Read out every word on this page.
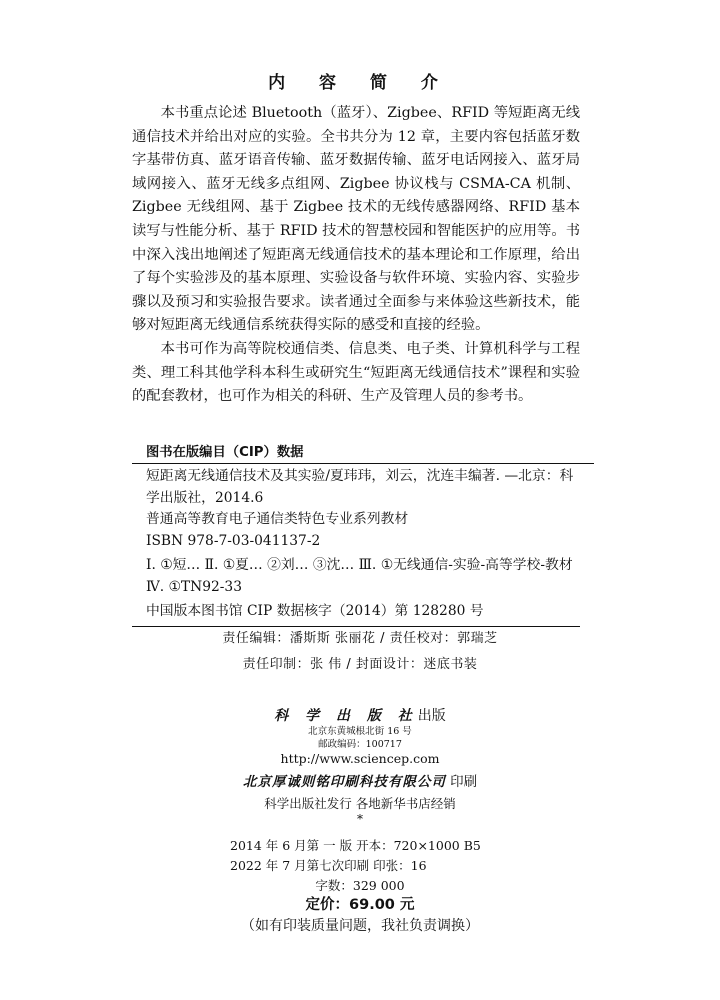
内 容 简 介

本书重点论述 Bluetooth（蓝牙）、Zigbee、RFID 等短距离无线通信技术并给出对应的实验。全书共分为 12 章，主要内容包括蓝牙数字基带仿真、蓝牙语音传输、蓝牙数据传输、蓝牙电话网接入、蓝牙局域网接入、蓝牙无线多点组网、Zigbee 协议栈与 CSMA-CA 机制、Zigbee 无线组网、基于 Zigbee 技术的无线传感器网络、RFID 基本读写与性能分析、基于 RFID 技术的智慧校园和智能医护的应用等。书中深入浅出地阐述了短距离无线通信技术的基本理论和工作原理，给出了每个实验涉及的基本原理、实验设备与软件环境、实验内容、实验步骤以及预习和实验报告要求。读者通过全面参与来体验这些新技术，能够对短距离无线通信系统获得实际的感受和直接的经验。

本书可作为高等院校通信类、信息类、电子类、计算机科学与工程类、理工科其他学科本科生或研究生“短距离无线通信技术”课程和实验的配套教材，也可作为相关的科研、生产及管理人员的参考书。

图书在版编目（CIP）数据
短距离无线通信技术及其实验/夏玮玮，刘云，沈连丰编著. —北京：科学出版社，2014.6
普通高等教育电子通信类特色专业系列教材
ISBN 978-7-03-041137-2
Ⅰ. ①短… Ⅱ. ①夏… ②刘… ③沈… Ⅲ. ①无线通信-实验-高等学校-教材 Ⅳ. ①TN92-33
中国版本图书馆 CIP 数据核字（2014）第 128280 号
责任编辑：潘斯斯 张丽花 / 责任校对：郭瑞芝
责任印制：张 伟 / 封面设计：迷底书装
科 学 出 版 社出版
北京东黄城根北街 16 号
邮政编码：100717
http://www.sciencep.com
北京厚诚则铭印刷科技有限公司 印刷
科学出版社发行 各地新华书店经销
*
2014 年 6 月第 一 版 开本：720×1000 B5
2022 年 7 月第七次印刷 印张：16
字数：329 000
定价：69.00 元
（如有印装质量问题，我社负责调换）
